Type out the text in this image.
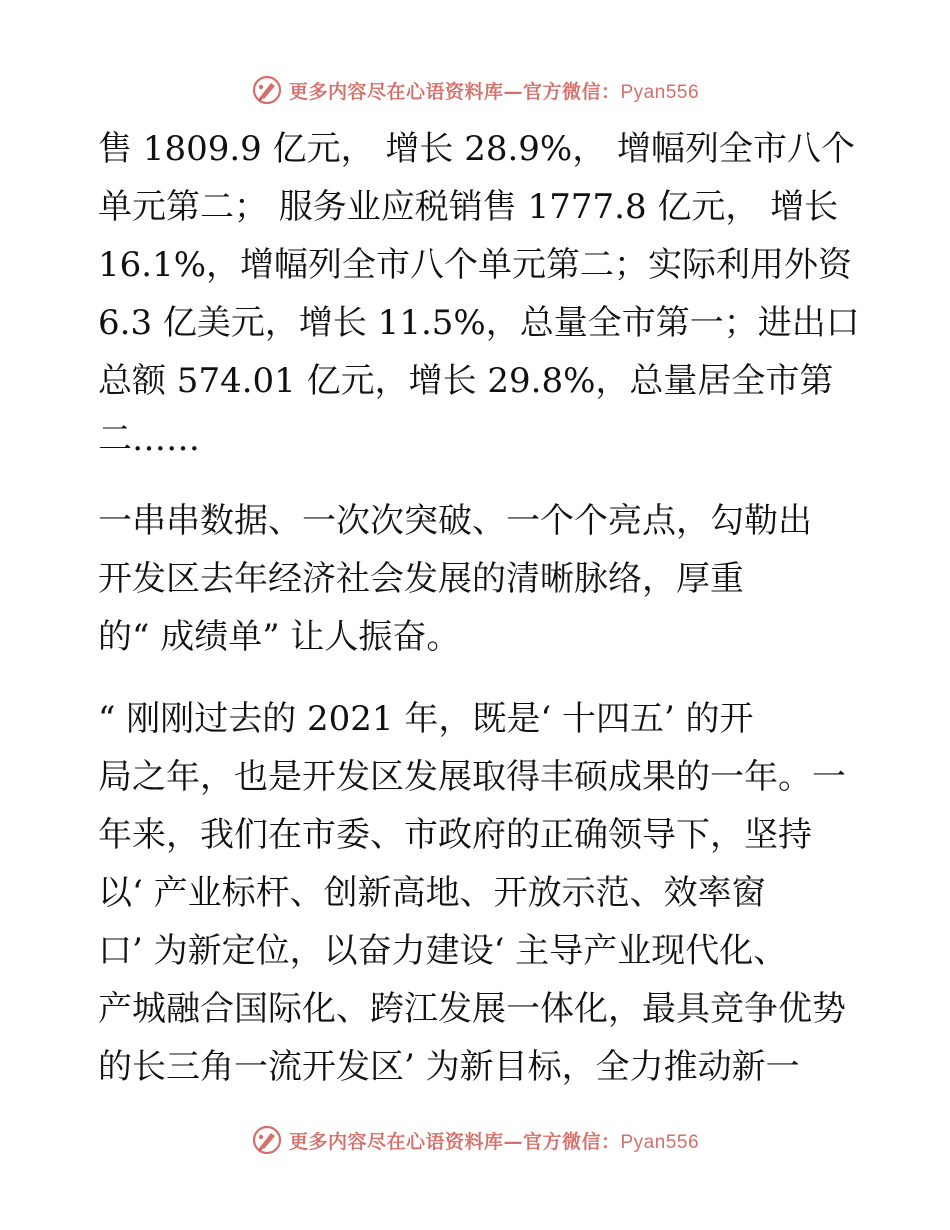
更多内容尽在心语资料库—官方微信：Pyan556
售 1809.9 亿元， 增长 28.9%， 增幅列全市八个
单元第二； 服务业应税销售 1777.8 亿元， 增长
16.1%，增幅列全市八个单元第二；实际利用外资
6.3 亿美元，增长 11.5%，总量全市第一；进出口
总额 574.01 亿元，增长 29.8%，总量居全市第
二……
一串串数据、一次次突破、一个个亮点，勾勒出
开发区去年经济社会发展的清晰脉络，厚重
的“ 成绩单” 让人振奋。
“ 刚刚过去的 2021 年，既是‘ 十四五’ 的开
局之年，也是开发区发展取得丰硕成果的一年。一
年来，我们在市委、市政府的正确领导下，坚持
以‘ 产业标杆、创新高地、开放示范、效率窗
口’ 为新定位，以奋力建设‘ 主导产业现代化、
产城融合国际化、跨江发展一体化，最具竞争优势
的长三角一流开发区’ 为新目标，全力推动新一
更多内容尽在心语资料库—官方微信：Pyan556
